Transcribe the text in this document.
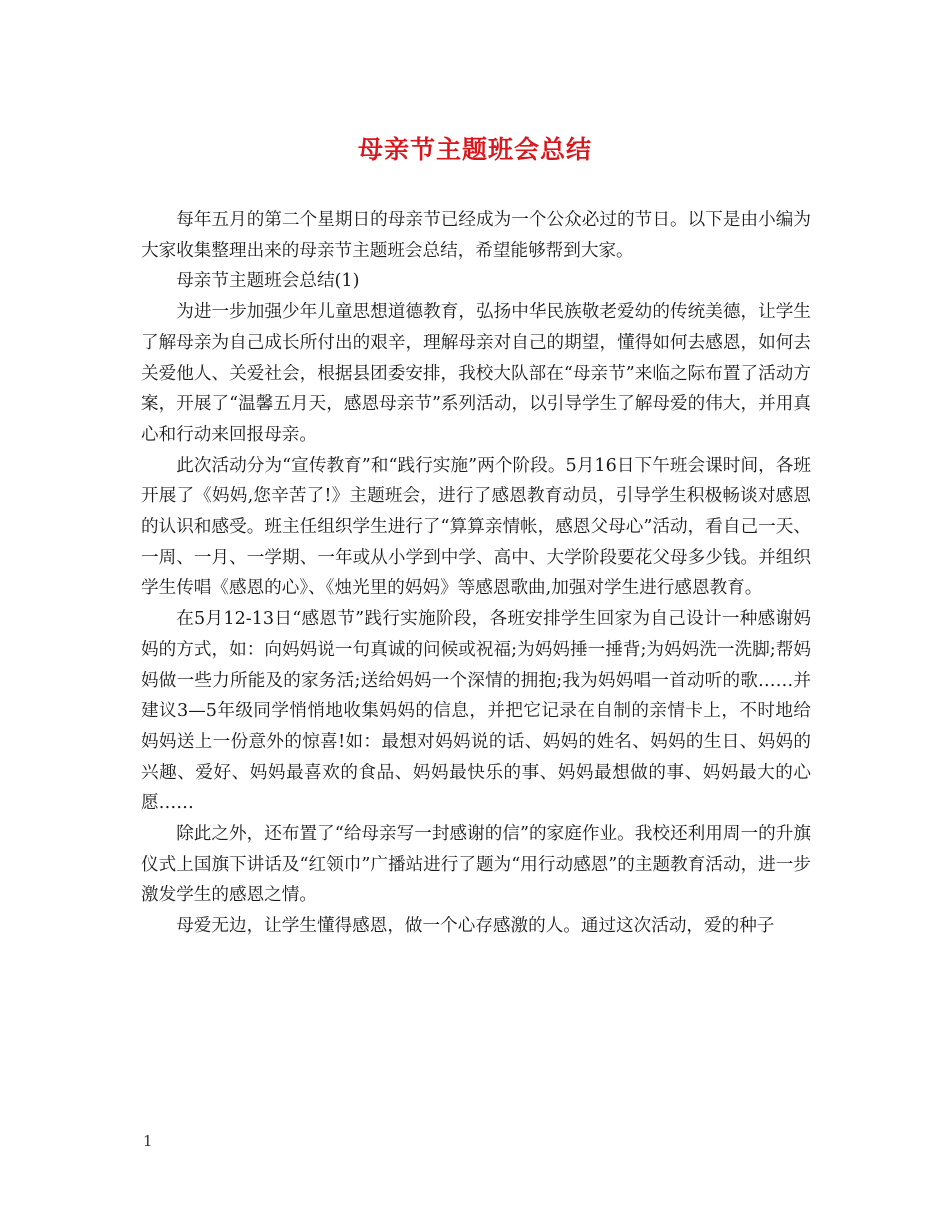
母亲节主题班会总结

每年五月的第二个星期日的母亲节已经成为一个公众必过的节日。以下是由小编为大家收集整理出来的母亲节主题班会总结，希望能够帮到大家。

母亲节主题班会总结(1)

为进一步加强少年儿童思想道德教育，弘扬中华民族敬老爱幼的传统美德，让学生了解母亲为自己成长所付出的艰辛，理解母亲对自己的期望，懂得如何去感恩，如何去关爱他人、关爱社会，根据县团委安排，我校大队部在“母亲节”来临之际布置了活动方案，开展了“温馨五月天，感恩母亲节”系列活动，以引导学生了解母爱的伟大，并用真心和行动来回报母亲。

此次活动分为“宣传教育”和“践行实施”两个阶段。5月16日下午班会课时间，各班开展了《妈妈,您辛苦了!》主题班会，进行了感恩教育动员，引导学生积极畅谈对感恩的认识和感受。班主任组织学生进行了“算算亲情帐，感恩父母心”活动，看自己一天、一周、一月、一学期、一年或从小学到中学、高中、大学阶段要花父母多少钱。并组织学生传唱《感恩的心》、《烛光里的妈妈》等感恩歌曲,加强对学生进行感恩教育。

在5月12-13日“感恩节”践行实施阶段，各班安排学生回家为自己设计一种感谢妈妈的方式，如：向妈妈说一句真诚的问候或祝福;为妈妈捶一捶背;为妈妈洗一洗脚;帮妈妈做一些力所能及的家务活;送给妈妈一个深情的拥抱;我为妈妈唱一首动听的歌……并建议3—5年级同学悄悄地收集妈妈的信息，并把它记录在自制的亲情卡上，不时地给妈妈送上一份意外的惊喜!如：最想对妈妈说的话、妈妈的姓名、妈妈的生日、妈妈的兴趣、爱好、妈妈最喜欢的食品、妈妈最快乐的事、妈妈最想做的事、妈妈最大的心愿……

除此之外，还布置了“给母亲写一封感谢的信”的家庭作业。我校还利用周一的升旗仪式上国旗下讲话及“红领巾”广播站进行了题为“用行动感恩”的主题教育活动，进一步激发学生的感恩之情。

母爱无边，让学生懂得感恩，做一个心存感激的人。通过这次活动，爱的种子

1
